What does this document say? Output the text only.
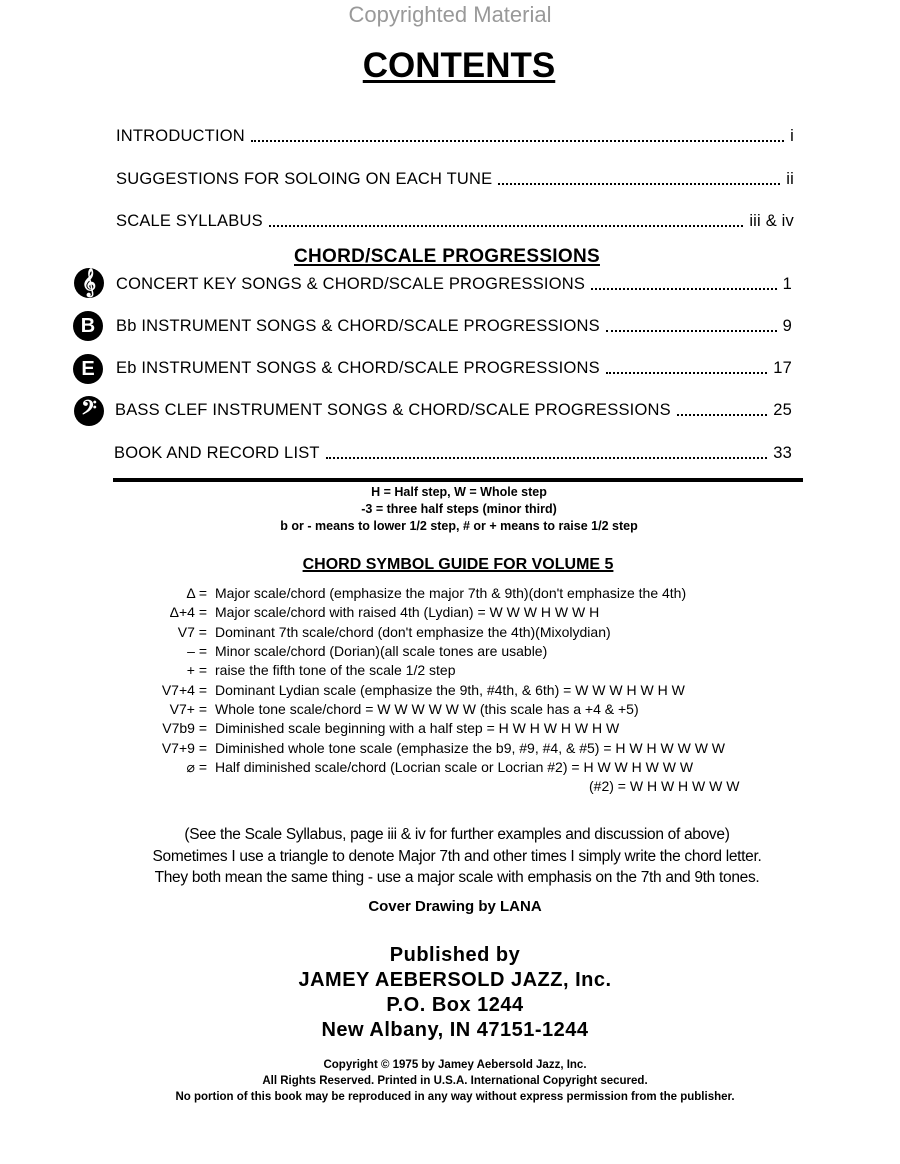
Copyrighted Material
CONTENTS
INTRODUCTION	i
SUGGESTIONS FOR SOLOING ON EACH TUNE	ii
SCALE SYLLABUS	iii & iv
CHORD/SCALE PROGRESSIONS
𝄞
B
E
𝄢
CONCERT KEY SONGS & CHORD/SCALE PROGRESSIONS	1
Bb INSTRUMENT SONGS & CHORD/SCALE PROGRESSIONS	9
Eb INSTRUMENT SONGS & CHORD/SCALE PROGRESSIONS	17
BASS CLEF INSTRUMENT SONGS & CHORD/SCALE PROGRESSIONS	25
BOOK AND RECORD LIST	33
H = Half step, W = Whole step
-3 = three half steps (minor third)
b or - means to lower 1/2 step, # or + means to raise 1/2 step
CHORD SYMBOL GUIDE FOR VOLUME 5
Δ = Major scale/chord (emphasize the major 7th & 9th)(don't emphasize the 4th)
Δ+4 = Major scale/chord with raised 4th (Lydian) = W W W H W W H
V7 = Dominant 7th scale/chord (don't emphasize the 4th)(Mixolydian)
– = Minor scale/chord (Dorian)(all scale tones are usable)
+ = raise the fifth tone of the scale 1/2 step
V7+4 = Dominant Lydian scale (emphasize the 9th, #4th, & 6th) = W W W H W H W
V7+ = Whole tone scale/chord = W W W W W W (this scale has a +4 & +5)
V7b9 = Diminished scale beginning with a half step = H W H W H W H W
V7+9 = Diminished whole tone scale (emphasize the b9, #9, #4, & #5) = H W H W W W W
⌀ = Half diminished scale/chord (Locrian scale or Locrian #2) = H W W H W W W
(#2) = W H W H W W W
(See the Scale Syllabus, page iii & iv for further examples and discussion of above)
Sometimes I use a triangle to denote Major 7th and other times I simply write the chord letter.
They both mean the same thing - use a major scale with emphasis on the 7th and 9th tones.
Cover Drawing by LANA
Published by
JAMEY AEBERSOLD JAZZ, Inc.
P.O. Box 1244
New Albany, IN 47151-1244
Copyright © 1975 by Jamey Aebersold Jazz, Inc.
All Rights Reserved. Printed in U.S.A. International Copyright secured.
No portion of this book may be reproduced in any way without express permission from the publisher.
